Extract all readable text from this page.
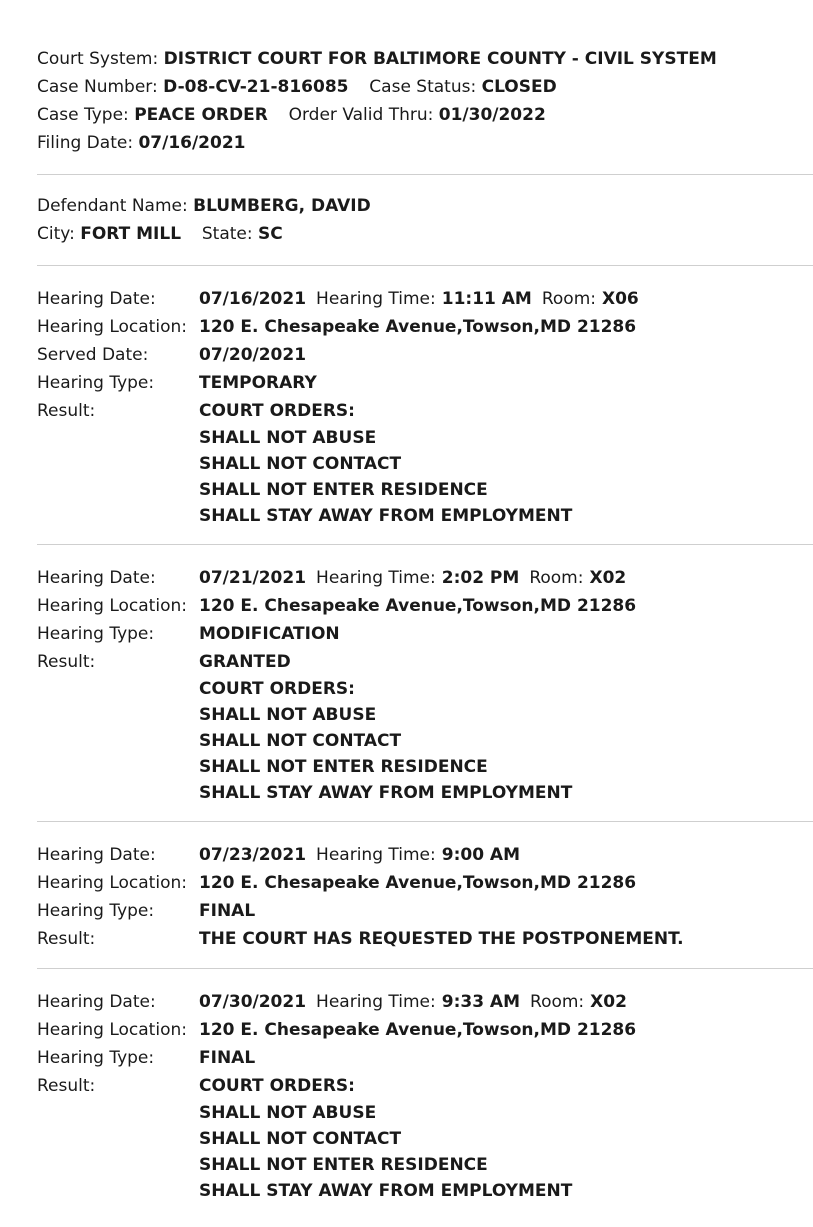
Court System: DISTRICT COURT FOR BALTIMORE COUNTY - CIVIL SYSTEM
Case Number: D-08-CV-21-816085 Case Status: CLOSED
Case Type: PEACE ORDER Order Valid Thru: 01/30/2022
Filing Date: 07/16/2021
Defendant Name: BLUMBERG, DAVID
City: FORT MILL State: SC
Hearing Date:	07/16/2021 Hearing Time: 11:11 AM Room: X06
Hearing Location: 120 E. Chesapeake Avenue,Towson,MD 21286
Served Date:	07/20/2021
Hearing Type:	TEMPORARY
Result:	COURT ORDERS:
SHALL NOT ABUSE
SHALL NOT CONTACT
SHALL NOT ENTER RESIDENCE
SHALL STAY AWAY FROM EMPLOYMENT
Hearing Date:	07/21/2021 Hearing Time: 2:02 PM Room: X02
Hearing Location: 120 E. Chesapeake Avenue,Towson,MD 21286
Hearing Type:	MODIFICATION
Result:	GRANTED
COURT ORDERS:
SHALL NOT ABUSE
SHALL NOT CONTACT
SHALL NOT ENTER RESIDENCE
SHALL STAY AWAY FROM EMPLOYMENT
Hearing Date:	07/23/2021 Hearing Time: 9:00 AM
Hearing Location: 120 E. Chesapeake Avenue,Towson,MD 21286
Hearing Type:	FINAL
Result:	THE COURT HAS REQUESTED THE POSTPONEMENT.
Hearing Date:	07/30/2021 Hearing Time: 9:33 AM Room: X02
Hearing Location: 120 E. Chesapeake Avenue,Towson,MD 21286
Hearing Type:	FINAL
Result:	COURT ORDERS:
SHALL NOT ABUSE
SHALL NOT CONTACT
SHALL NOT ENTER RESIDENCE
SHALL STAY AWAY FROM EMPLOYMENT
